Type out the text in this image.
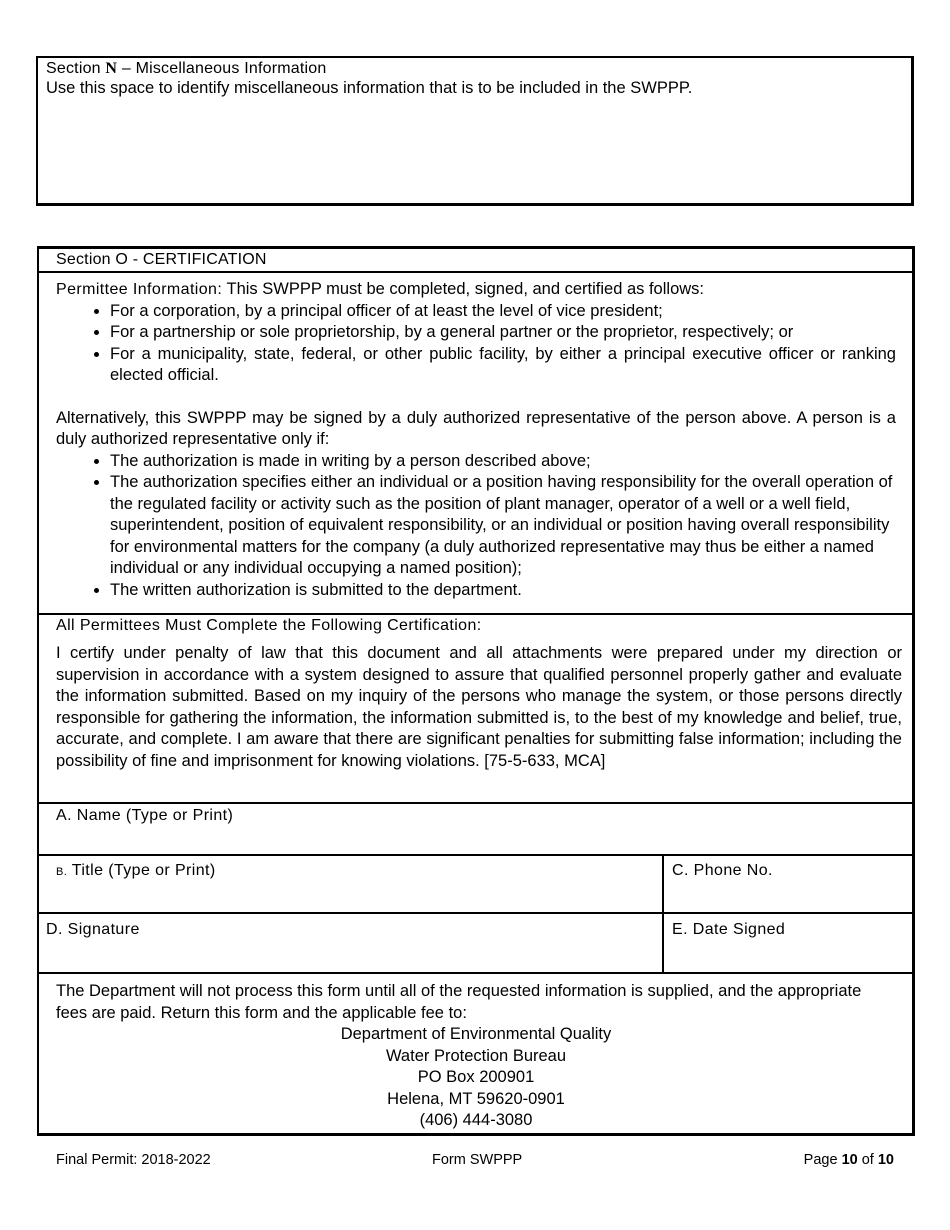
Section N – Miscellaneous Information
Use this space to identify miscellaneous information that is to be included in the SWPPP.
Section O - CERTIFICATION
Permittee Information: This SWPPP must be completed, signed, and certified as follows:
• For a corporation, by a principal officer of at least the level of vice president;
• For a partnership or sole proprietorship, by a general partner or the proprietor, respectively; or
• For a municipality, state, federal, or other public facility, by either a principal executive officer or ranking elected official.
Alternatively, this SWPPP may be signed by a duly authorized representative of the person above. A person is a duly authorized representative only if:
• The authorization is made in writing by a person described above;
• The authorization specifies either an individual or a position having responsibility for the overall operation of the regulated facility or activity such as the position of plant manager, operator of a well or a well field, superintendent, position of equivalent responsibility, or an individual or position having overall responsibility for environmental matters for the company (a duly authorized representative may thus be either a named individual or any individual occupying a named position);
• The written authorization is submitted to the department.
All Permittees Must Complete the Following Certification:
I certify under penalty of law that this document and all attachments were prepared under my direction or supervision in accordance with a system designed to assure that qualified personnel properly gather and evaluate the information submitted. Based on my inquiry of the persons who manage the system, or those persons directly responsible for gathering the information, the information submitted is, to the best of my knowledge and belief, true, accurate, and complete. I am aware that there are significant penalties for submitting false information; including the possibility of fine and imprisonment for knowing violations. [75-5-633, MCA]
A. Name (Type or Print)
B. Title (Type or Print)	C. Phone No.
D. Signature	E. Date Signed
The Department will not process this form until all of the requested information is supplied, and the appropriate fees are paid. Return this form and the applicable fee to:
Department of Environmental Quality
Water Protection Bureau
PO Box 200901
Helena, MT 59620-0901
(406) 444-3080
Final Permit: 2018-2022	Form SWPPP	Page 10 of 10
